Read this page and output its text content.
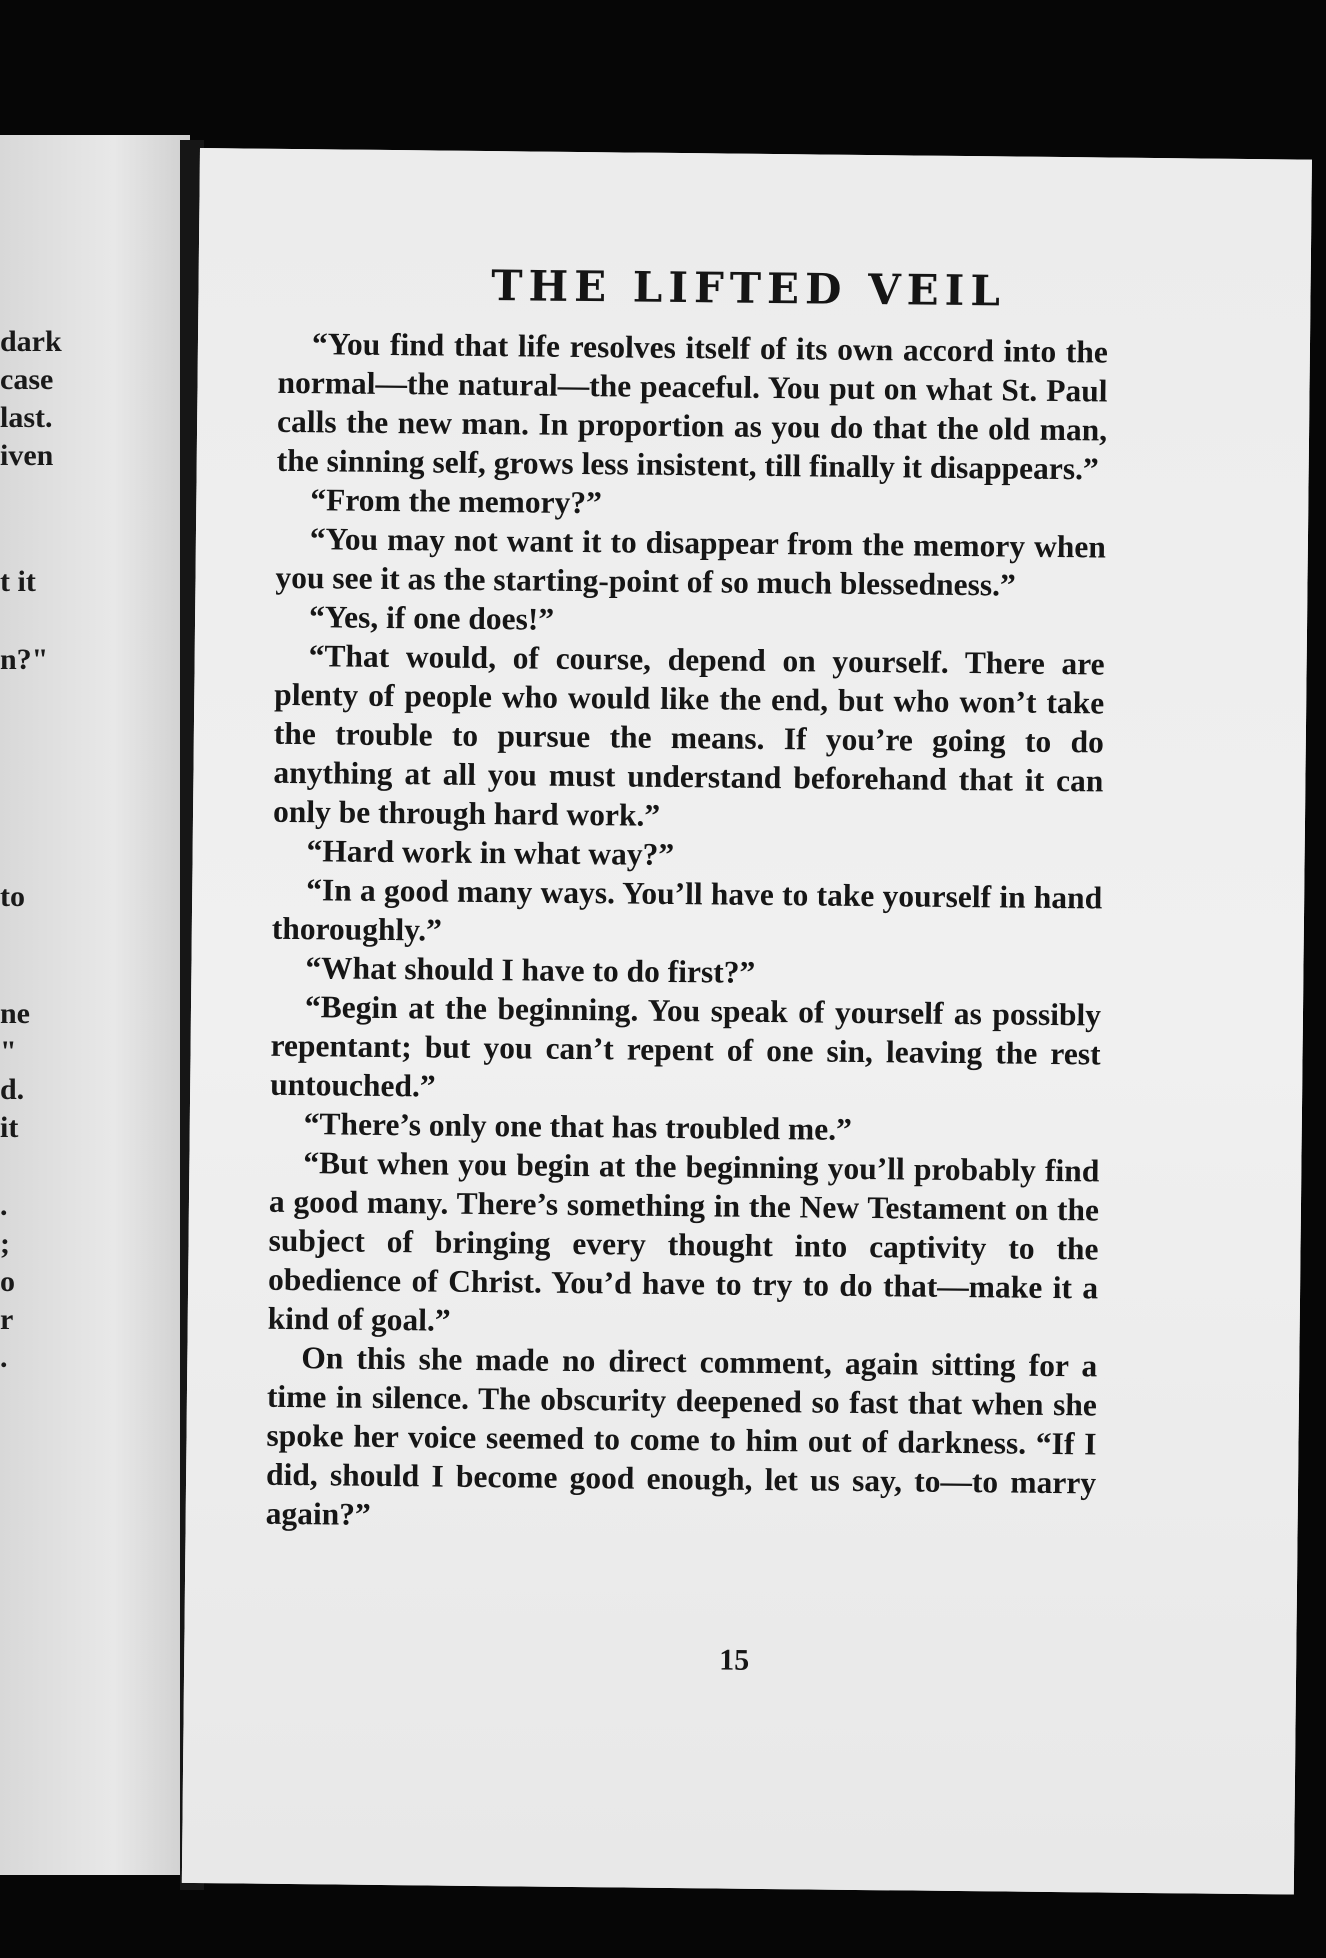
dark
case
last.
iven
t it
n?"
to
ne
"
d.
it
.
;
o
r
.
THE LIFTED VEIL

“You find that life resolves itself of its own accord into the normal—the natural—the peaceful. You put on what St. Paul calls the new man. In proportion as you do that the old man, the sinning self, grows less insistent, till finally it disappears.”

“From the memory?”

“You may not want it to disappear from the memory when you see it as the starting-point of so much blessedness.”

“Yes, if one does!”

“That would, of course, depend on yourself. There are plenty of people who would like the end, but who won’t take the trouble to pursue the means. If you’re going to do anything at all you must understand beforehand that it can only be through hard work.”

“Hard work in what way?”

“In a good many ways. You’ll have to take yourself in hand thoroughly.”

“What should I have to do first?”

“Begin at the beginning. You speak of yourself as possibly repentant; but you can’t repent of one sin, leaving the rest untouched.”

“There’s only one that has troubled me.”

“But when you begin at the beginning you’ll probably find a good many. There’s something in the New Testament on the subject of bringing every thought into captivity to the obedience of Christ. You’d have to try to do that—make it a kind of goal.”

On this she made no direct comment, again sitting for a time in silence. The obscurity deepened so fast that when she spoke her voice seemed to come to him out of darkness. “If I did, should I become good enough, let us say, to—to marry again?”

15
